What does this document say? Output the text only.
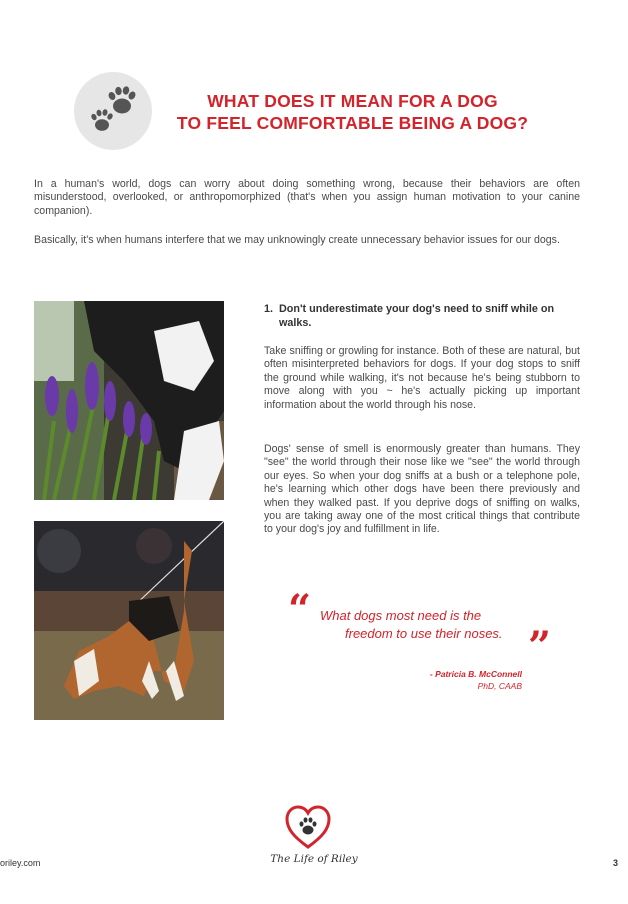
WHAT DOES IT MEAN FOR A DOG
TO FEEL COMFORTABLE BEING A DOG?
In a human's world, dogs can worry about doing something wrong, because their behaviors are often misunderstood, overlooked, or anthropomorphized (that's when you assign human motivation to your canine companion).
Basically, it's when humans interfere that we may unknowingly create unnecessary behavior issues for our dogs.
1. Don't underestimate your dog's need to sniff while on walks.
Take sniffing or growling for instance. Both of these are natural, but often misinterpreted behaviors for dogs. If your dog stops to sniff the ground while walking, it's not because he's being stubborn to move along with you ~ he's actually picking up important information about the world through his nose.
Dogs' sense of smell is enormously greater than humans. They "see" the world through their nose like we "see" the world through our eyes. So when your dog sniffs at a bush or a telephone pole, he's learning which other dogs have been there previously and when they walked past. If you deprive dogs of sniffing on walks, you are taking away one of the most critical things that contribute to your dog's joy and fulfillment in life.
“ What dogs most need is the
freedom to use their noses. ”
- Patricia B. McConnell
PhD, CAAB
oriley.com	The Life of Riley	3
